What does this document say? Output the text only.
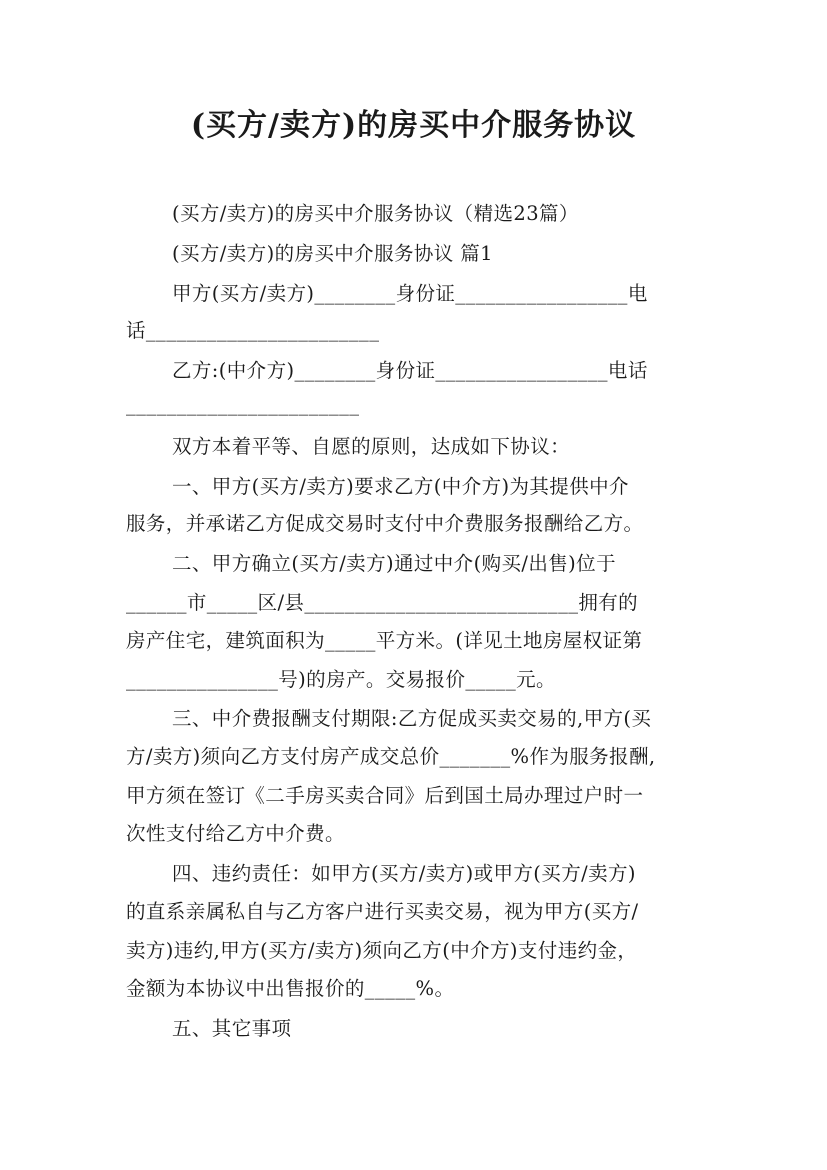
(买方/卖方)的房买中介服务协议
(买方/卖方)的房买中介服务协议（精选23篇）
(买方/卖方)的房买中介服务协议 篇1
甲方(买方/卖方)________身份证_________________电
话_______________________
乙方:(中介方)________身份证_________________电话
_______________________
双方本着平等、自愿的原则，达成如下协议：
一、甲方(买方/卖方)要求乙方(中介方)为其提供中介
服务，并承诺乙方促成交易时支付中介费服务报酬给乙方。
二、甲方确立(买方/卖方)通过中介(购买/出售)位于
______市_____区/县___________________________拥有的
房产住宅，建筑面积为_____平方米。(详见土地房屋权证第
_______________号)的房产。交易报价_____元。
三、中介费报酬支付期限:乙方促成买卖交易的,甲方(买
方/卖方)须向乙方支付房产成交总价_______%作为服务报酬,
甲方须在签订《二手房买卖合同》后到国土局办理过户时一
次性支付给乙方中介费。
四、违约责任：如甲方(买方/卖方)或甲方(买方/卖方)
的直系亲属私自与乙方客户进行买卖交易，视为甲方(买方/
卖方)违约,甲方(买方/卖方)须向乙方(中介方)支付违约金，
金额为本协议中出售报价的_____%。
五、其它事项
